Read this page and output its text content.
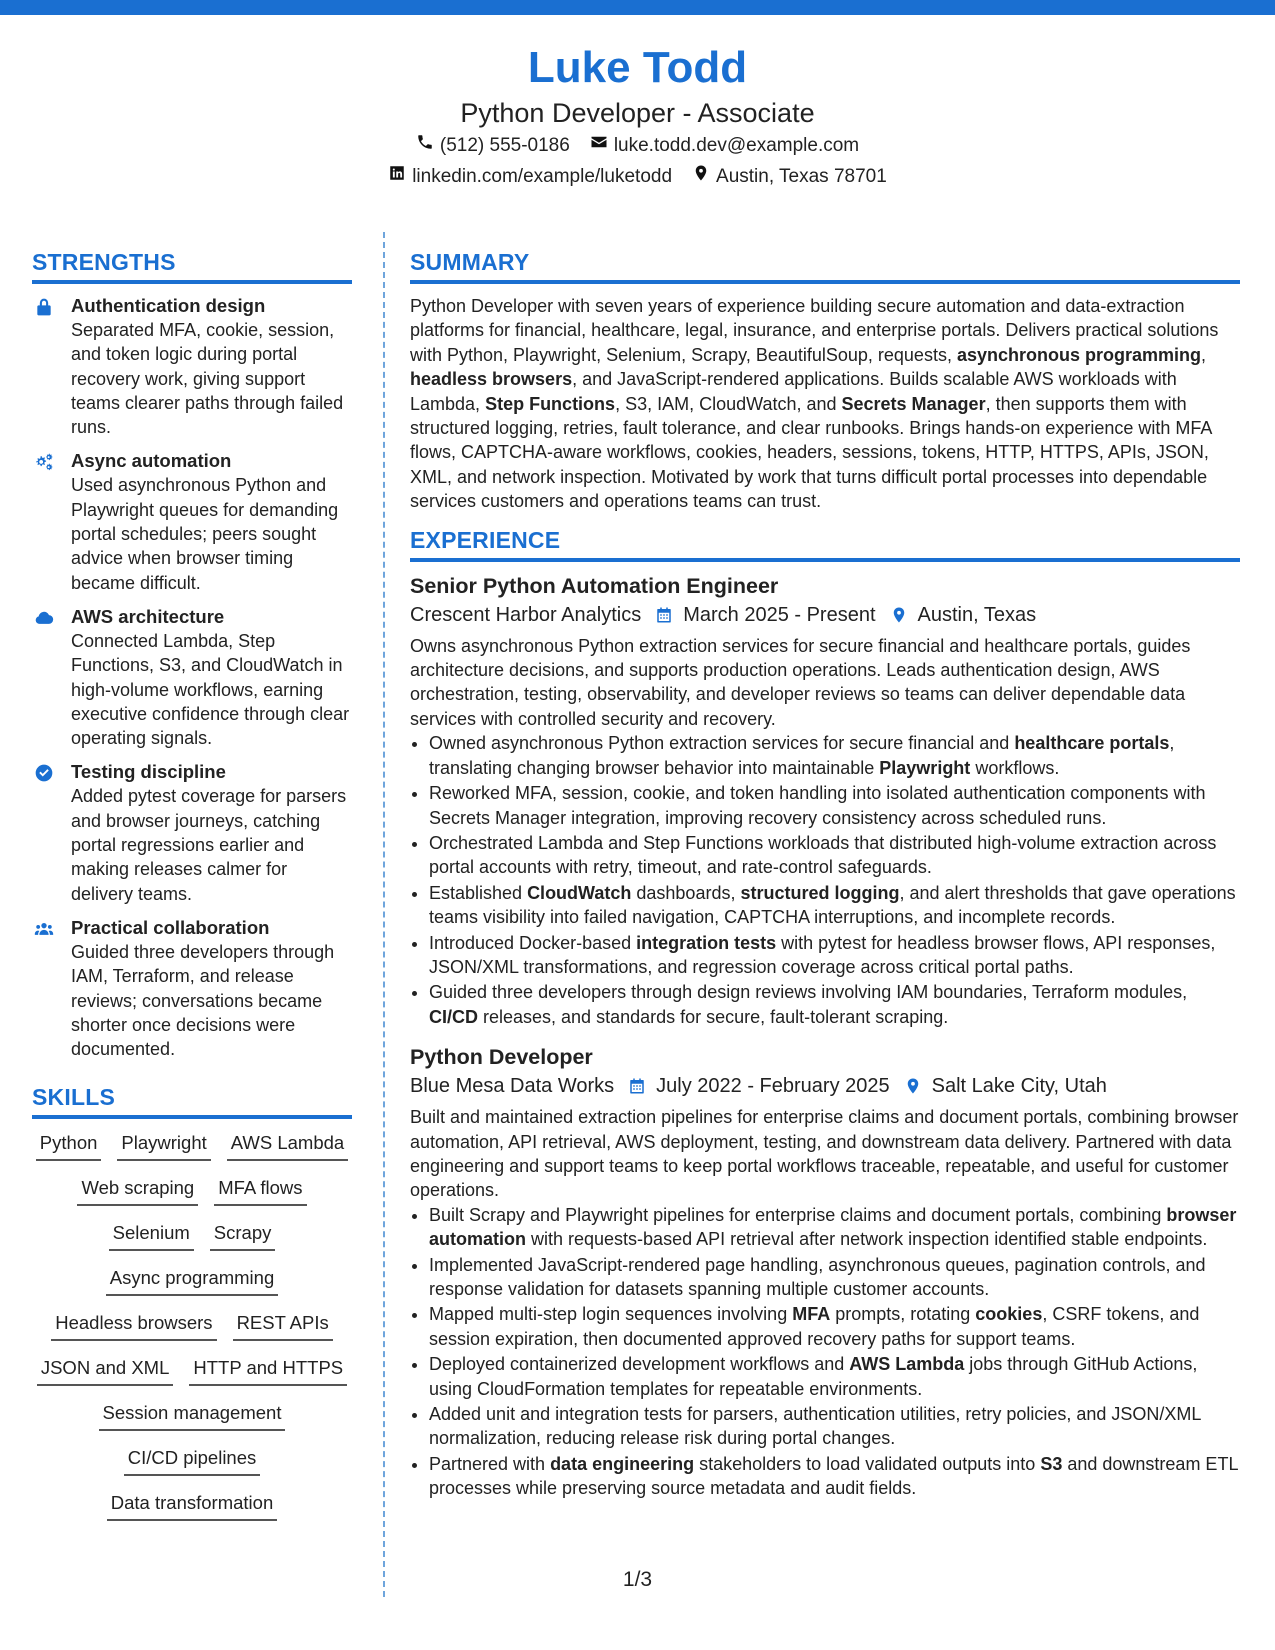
Luke Todd
Python Developer - Associate
(512) 555-0186 luke.todd.dev@example.com
linkedin.com/example/luketodd Austin, Texas 78701
STRENGTHS
Authentication design
Separated MFA, cookie, session, and token logic during portal recovery work, giving support teams clearer paths through failed runs.
Async automation
Used asynchronous Python and Playwright queues for demanding portal schedules; peers sought advice when browser timing became difficult.
AWS architecture
Connected Lambda, Step Functions, S3, and CloudWatch in high-volume workflows, earning executive confidence through clear operating signals.
Testing discipline
Added pytest coverage for parsers and browser journeys, catching portal regressions earlier and making releases calmer for delivery teams.
Practical collaboration
Guided three developers through IAM, Terraform, and release reviews; conversations became shorter once decisions were documented.
SKILLS
Python Playwright AWS Lambda
Web scraping MFA flows
Selenium Scrapy
Async programming
Headless browsers REST APIs
JSON and XML HTTP and HTTPS
Session management
CI/CD pipelines
Data transformation
SUMMARY
Python Developer with seven years of experience building secure automation and data-extraction platforms for financial, healthcare, legal, insurance, and enterprise portals. Delivers practical solutions with Python, Playwright, Selenium, Scrapy, BeautifulSoup, requests, asynchronous programming, headless browsers, and JavaScript-rendered applications. Builds scalable AWS workloads with Lambda, Step Functions, S3, IAM, CloudWatch, and Secrets Manager, then supports them with structured logging, retries, fault tolerance, and clear runbooks. Brings hands-on experience with MFA flows, CAPTCHA-aware workflows, cookies, headers, sessions, tokens, HTTP, HTTPS, APIs, JSON, XML, and network inspection. Motivated by work that turns difficult portal processes into dependable services customers and operations teams can trust.
EXPERIENCE
Senior Python Automation Engineer
Crescent Harbor Analytics March 2025 - Present Austin, Texas
Owns asynchronous Python extraction services for secure financial and healthcare portals, guides architecture decisions, and supports production operations. Leads authentication design, AWS orchestration, testing, observability, and developer reviews so teams can deliver dependable data services with controlled security and recovery.
• Owned asynchronous Python extraction services for secure financial and healthcare portals, translating changing browser behavior into maintainable Playwright workflows.
• Reworked MFA, session, cookie, and token handling into isolated authentication components with Secrets Manager integration, improving recovery consistency across scheduled runs.
• Orchestrated Lambda and Step Functions workloads that distributed high-volume extraction across portal accounts with retry, timeout, and rate-control safeguards.
• Established CloudWatch dashboards, structured logging, and alert thresholds that gave operations teams visibility into failed navigation, CAPTCHA interruptions, and incomplete records.
• Introduced Docker-based integration tests with pytest for headless browser flows, API responses, JSON/XML transformations, and regression coverage across critical portal paths.
• Guided three developers through design reviews involving IAM boundaries, Terraform modules, CI/CD releases, and standards for secure, fault-tolerant scraping.
Python Developer
Blue Mesa Data Works July 2022 - February 2025 Salt Lake City, Utah
Built and maintained extraction pipelines for enterprise claims and document portals, combining browser automation, API retrieval, AWS deployment, testing, and downstream data delivery. Partnered with data engineering and support teams to keep portal workflows traceable, repeatable, and useful for customer operations.
• Built Scrapy and Playwright pipelines for enterprise claims and document portals, combining browser automation with requests-based API retrieval after network inspection identified stable endpoints.
• Implemented JavaScript-rendered page handling, asynchronous queues, pagination controls, and response validation for datasets spanning multiple customer accounts.
• Mapped multi-step login sequences involving MFA prompts, rotating cookies, CSRF tokens, and session expiration, then documented approved recovery paths for support teams.
• Deployed containerized development workflows and AWS Lambda jobs through GitHub Actions, using CloudFormation templates for repeatable environments.
• Added unit and integration tests for parsers, authentication utilities, retry policies, and JSON/XML normalization, reducing release risk during portal changes.
• Partnered with data engineering stakeholders to load validated outputs into S3 and downstream ETL processes while preserving source metadata and audit fields.
1/3
